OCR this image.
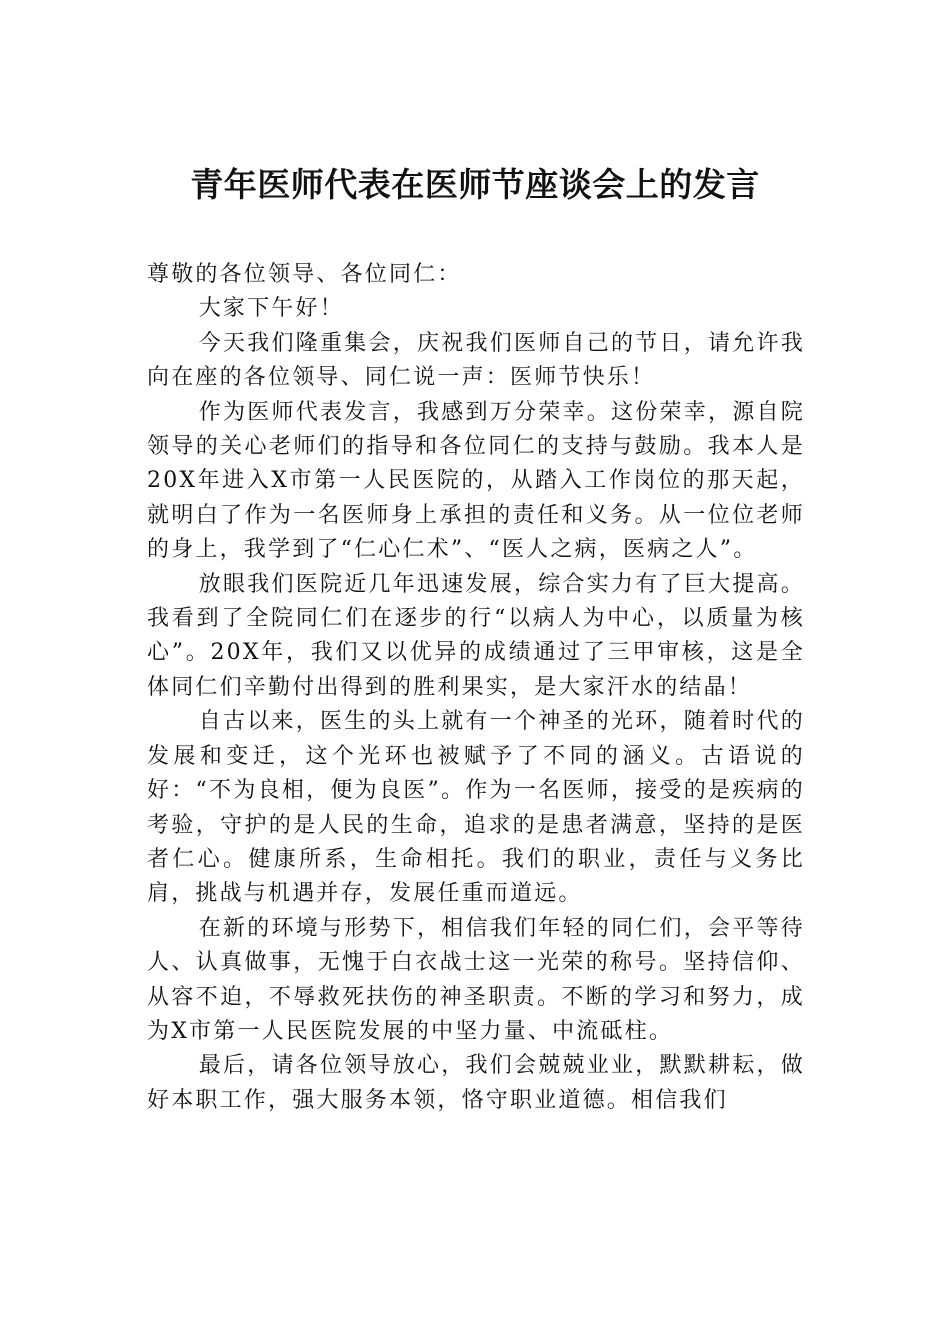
青年医师代表在医师节座谈会上的发言

尊敬的各位领导、各位同仁：

大家下午好！

今天我们隆重集会，庆祝我们医师自己的节日，请允许我向在座的各位领导、同仁说一声：医师节快乐！

作为医师代表发言，我感到万分荣幸。这份荣幸，源自院领导的关心老师们的指导和各位同仁的支持与鼓励。我本人是20X年进入X市第一人民医院的，从踏入工作岗位的那天起，就明白了作为一名医师身上承担的责任和义务。从一位位老师的身上，我学到了“仁心仁术”、“医人之病，医病之人”。

放眼我们医院近几年迅速发展，综合实力有了巨大提高。我看到了全院同仁们在逐步的行“以病人为中心，以质量为核心”。20X年，我们又以优异的成绩通过了三甲审核，这是全体同仁们辛勤付出得到的胜利果实，是大家汗水的结晶！

自古以来，医生的头上就有一个神圣的光环，随着时代的发展和变迁，这个光环也被赋予了不同的涵义。古语说的好：“不为良相，便为良医”。作为一名医师，接受的是疾病的考验，守护的是人民的生命，追求的是患者满意，坚持的是医者仁心。健康所系，生命相托。我们的职业，责任与义务比肩，挑战与机遇并存，发展任重而道远。

在新的环境与形势下，相信我们年轻的同仁们，会平等待人、认真做事，无愧于白衣战士这一光荣的称号。坚持信仰、从容不迫，不辱救死扶伤的神圣职责。不断的学习和努力，成为X市第一人民医院发展的中坚力量、中流砥柱。

最后，请各位领导放心，我们会兢兢业业，默默耕耘，做好本职工作，强大服务本领，恪守职业道德。相信我们
